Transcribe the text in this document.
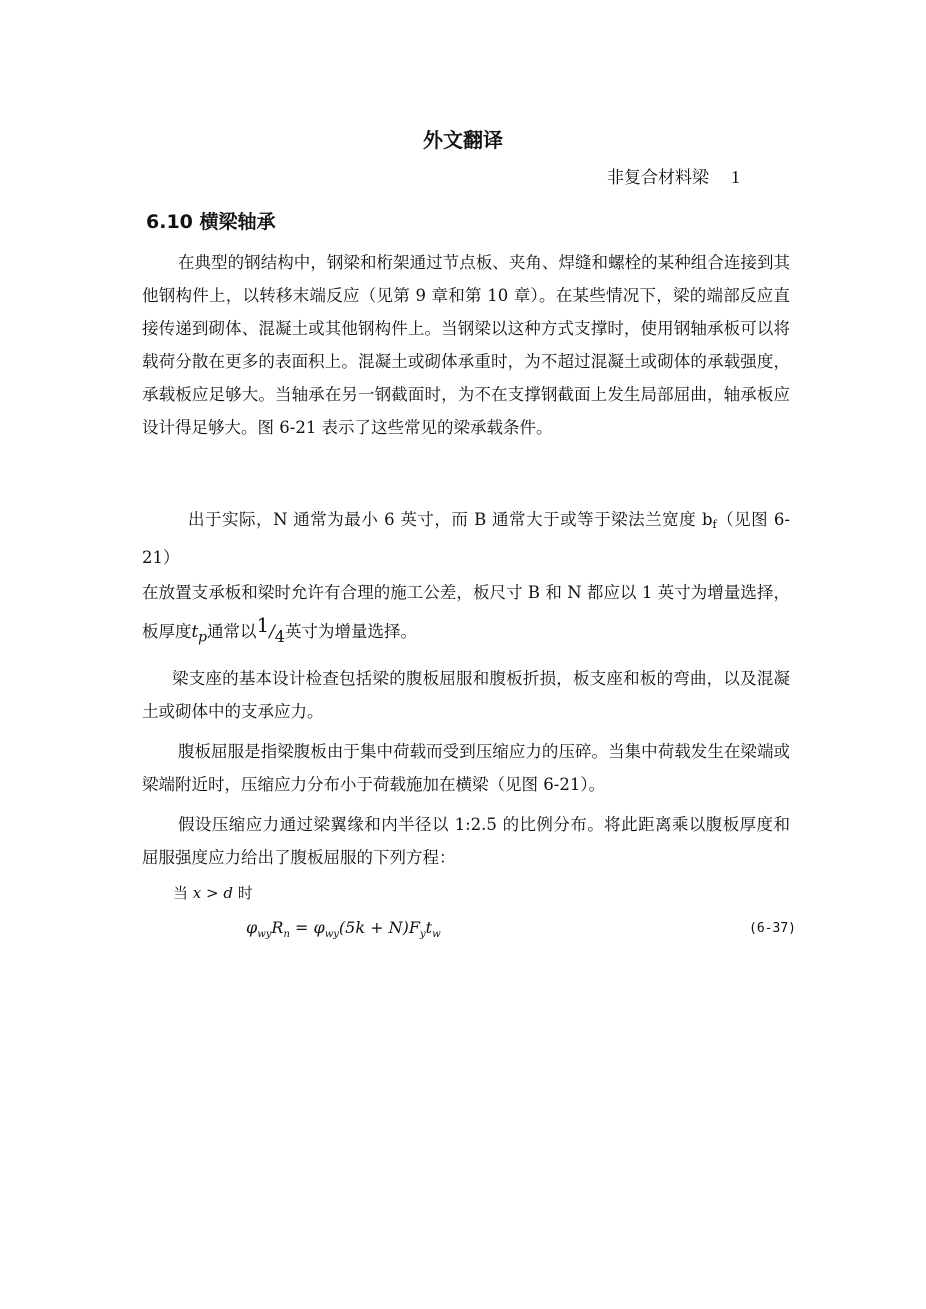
外文翻译
非复合材料梁 1
6.10 横梁轴承
在典型的钢结构中，钢梁和桁架通过节点板、夹角、焊缝和螺栓的某种组合连接到其他钢构件上，以转移末端反应（见第 9 章和第 10 章）。在某些情况下，梁的端部反应直接传递到砌体、混凝土或其他钢构件上。当钢梁以这种方式支撑时，使用钢轴承板可以将载荷分散在更多的表面积上。混凝土或砌体承重时，为不超过混凝土或砌体的承载强度，承载板应足够大。当轴承在另一钢截面时，为不在支撑钢截面上发生局部屈曲，轴承板应设计得足够大。图 6-21 表示了这些常见的梁承载条件。
出于实际，N 通常为最小 6 英寸，而 B 通常大于或等于梁法兰宽度 bf（见图 6-21）
在放置支承板和梁时允许有合理的施工公差，板尺寸 B 和 N 都应以 1 英寸为增量选择，板厚度$t_p$通常以1/4英寸为增量选择。
梁支座的基本设计检查包括梁的腹板屈服和腹板折损，板支座和板的弯曲，以及混凝土或砌体中的支承应力。
腹板屈服是指梁腹板由于集中荷载而受到压缩应力的压碎。当集中荷载发生在梁端或梁端附近时，压缩应力分布小于荷载施加在横梁（见图 6-21）。
假设压缩应力通过梁翼缘和内半径以 1:2.5 的比例分布。将此距离乘以腹板厚度和屈服强度应力给出了腹板屈服的下列方程：
当 x > d 时
$\varphi_{wy}R_n = \varphi_{wy}(5k + N)F_yt_w$	(6-37)
